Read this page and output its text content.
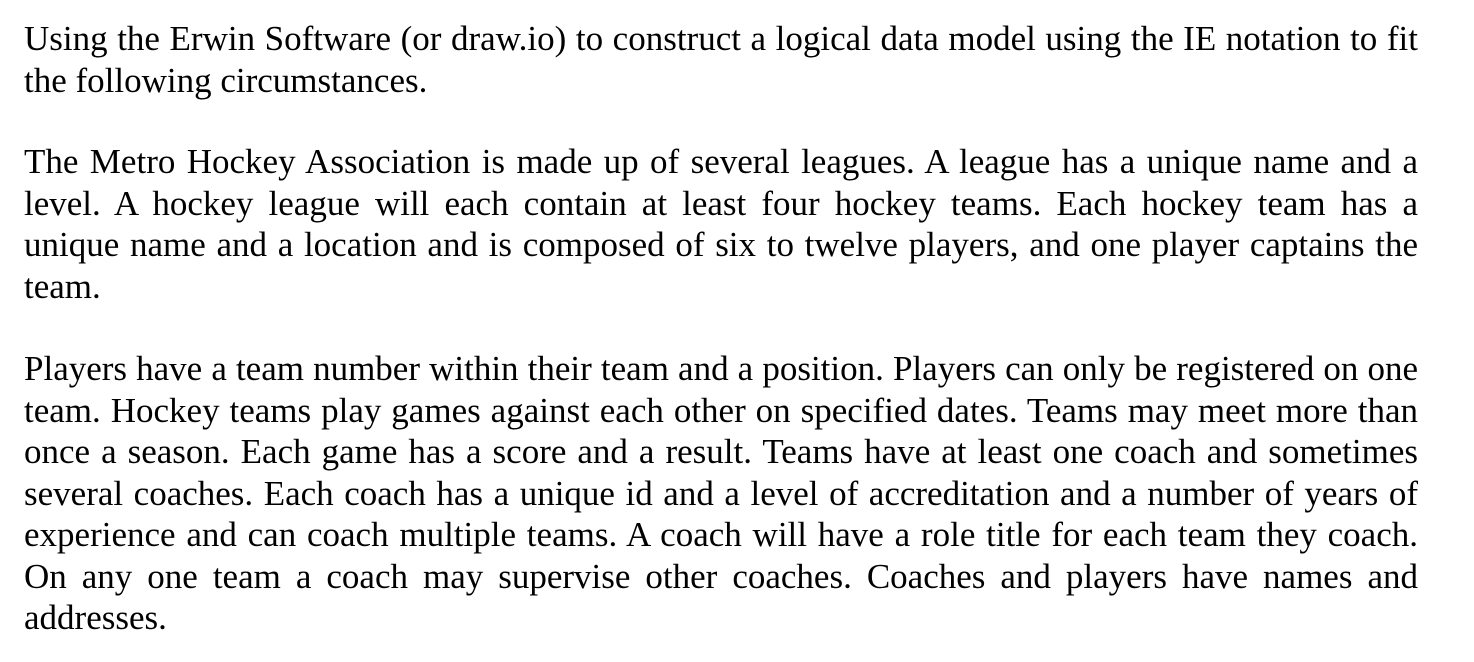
Using the Erwin Software (or draw.io) to construct a logical data model using the IE notation to fit the following circumstances.

The Metro Hockey Association is made up of several leagues. A league has a unique name and a level. A hockey league will each contain at least four hockey teams. Each hockey team has a unique name and a location and is composed of six to twelve players, and one player captains the team.

Players have a team number within their team and a position. Players can only be registered on one team. Hockey teams play games against each other on specified dates. Teams may meet more than once a season. Each game has a score and a result. Teams have at least one coach and sometimes several coaches. Each coach has a unique id and a level of accreditation and a number of years of experience and can coach multiple teams. A coach will have a role title for each team they coach. On any one team a coach may supervise other coaches. Coaches and players have names and addresses.
